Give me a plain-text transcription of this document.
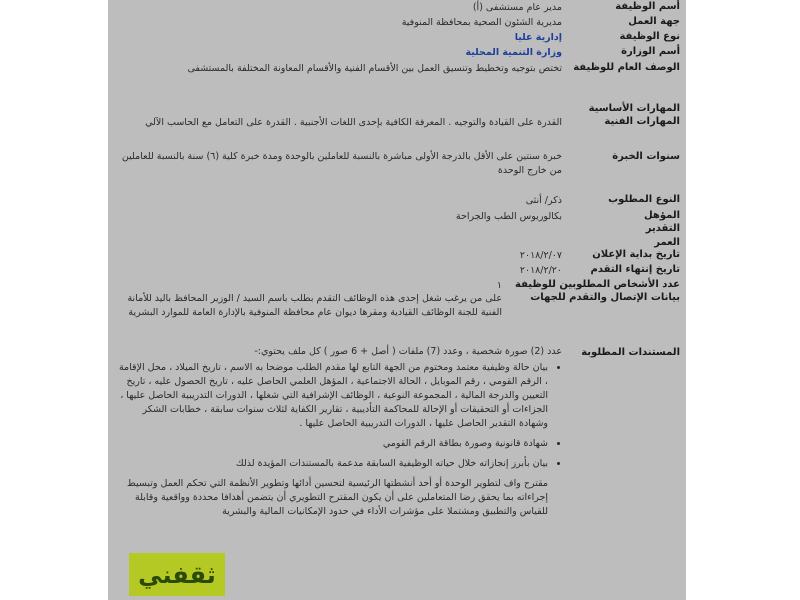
أسم الوظيفة
مدير عام مستشفى (أ)
جهة العمل
مديرية الشئون الصحية بمحافظة المنوفية
نوع الوظيفة
إدارية عليا
أسم الوزارة
وزارة التنمية المحلية
الوصف العام للوظيفة
تختص بتوجيه وتخطيط وتنسيق العمل بين الأقسام الفنية والأقسام المعاونة المختلفة بالمستشفى
المهارات الأساسية
المهارات الفنية
القدرة على القيادة والتوجيه . المعرفة الكافية بإحدى اللغات الأجنبية . القدرة على التعامل مع الحاسب الآلي
سنوات الخبرة
خبرة سنتين على الأقل بالدرجة الأولى مباشرة بالنسبة للعاملين بالوحدة ومدة خبرة كلية (٦) سنة بالنسبة للعاملين من خارج الوحدة
النوع المطلوب
ذكر/ أنثى
المؤهل
بكالوريوس الطب والجراحة
التقدير
العمر
تاريخ بداية الإعلان
٢٠١٨/٢/٠٧
تاريخ إنتهاء التقدم
٢٠١٨/٢/٢٠
عدد الأشخاص المطلوبين للوظيفة
١
بيانات الإتصال والتقدم للجهات
على من يرغب شغل إحدى هذه الوظائف التقدم بطلب باسم السيد / الوزير المحافظ باليد للأمانة الفنية للجنة الوظائف القيادية ومقرها ديوان عام محافظة المنوفية بالإدارة العامة للموارد البشرية
المستندات المطلوبة
عدد (2) صورة شخصية ، وعدد (7) ملفات ( أصل + 6 صور ) كل ملف يحتوي:-
• بيان حالة وظيفية معتمد ومختوم من الجهة التابع لها مقدم الطلب موضحا به الاسم ، تاريخ الميلاد ، محل الإقامة ، الرقم القومي ، رقم الموبايل ، الحالة الاجتماعية ، المؤهل العلمي الحاصل عليه ، تاريخ الحصول عليه ، تاريخ التعيين والدرجة المالية ، المجموعة النوعية ، الوظائف الإشرافية التي شغلها ، الدورات التدريبية الحاصل عليها ، الجزاءات أو التحقيقات أو الإحالة للمحاكمة التأديبية ، تقارير الكفاية لثلاث سنوات سابقة ، خطابات الشكر وشهادة التقدير الحاصل عليها ، الدورات التدريبية الحاصل عليها .
• شهادة قانونية وصورة بطاقة الرقم القومي
• بيان بأبرز إنجازاته خلال حياته الوظيفية السابقة مدعمة بالمستندات المؤيدة لذلك
مقترح واف لتطوير الوحدة أو أحد أنشطتها الرئيسية لتحسين أدائها وتطوير الأنظمة التي تحكم العمل وتبسيط إجراءاته بما يحقق رضا المتعاملين على أن يكون المقترح التطويري أن يتضمن أهدافا محددة وواقعية وقابلة للقياس والتطبيق ومشتملا على مؤشرات الأداء في حدود الإمكانيات المالية والبشرية
ثقفني
